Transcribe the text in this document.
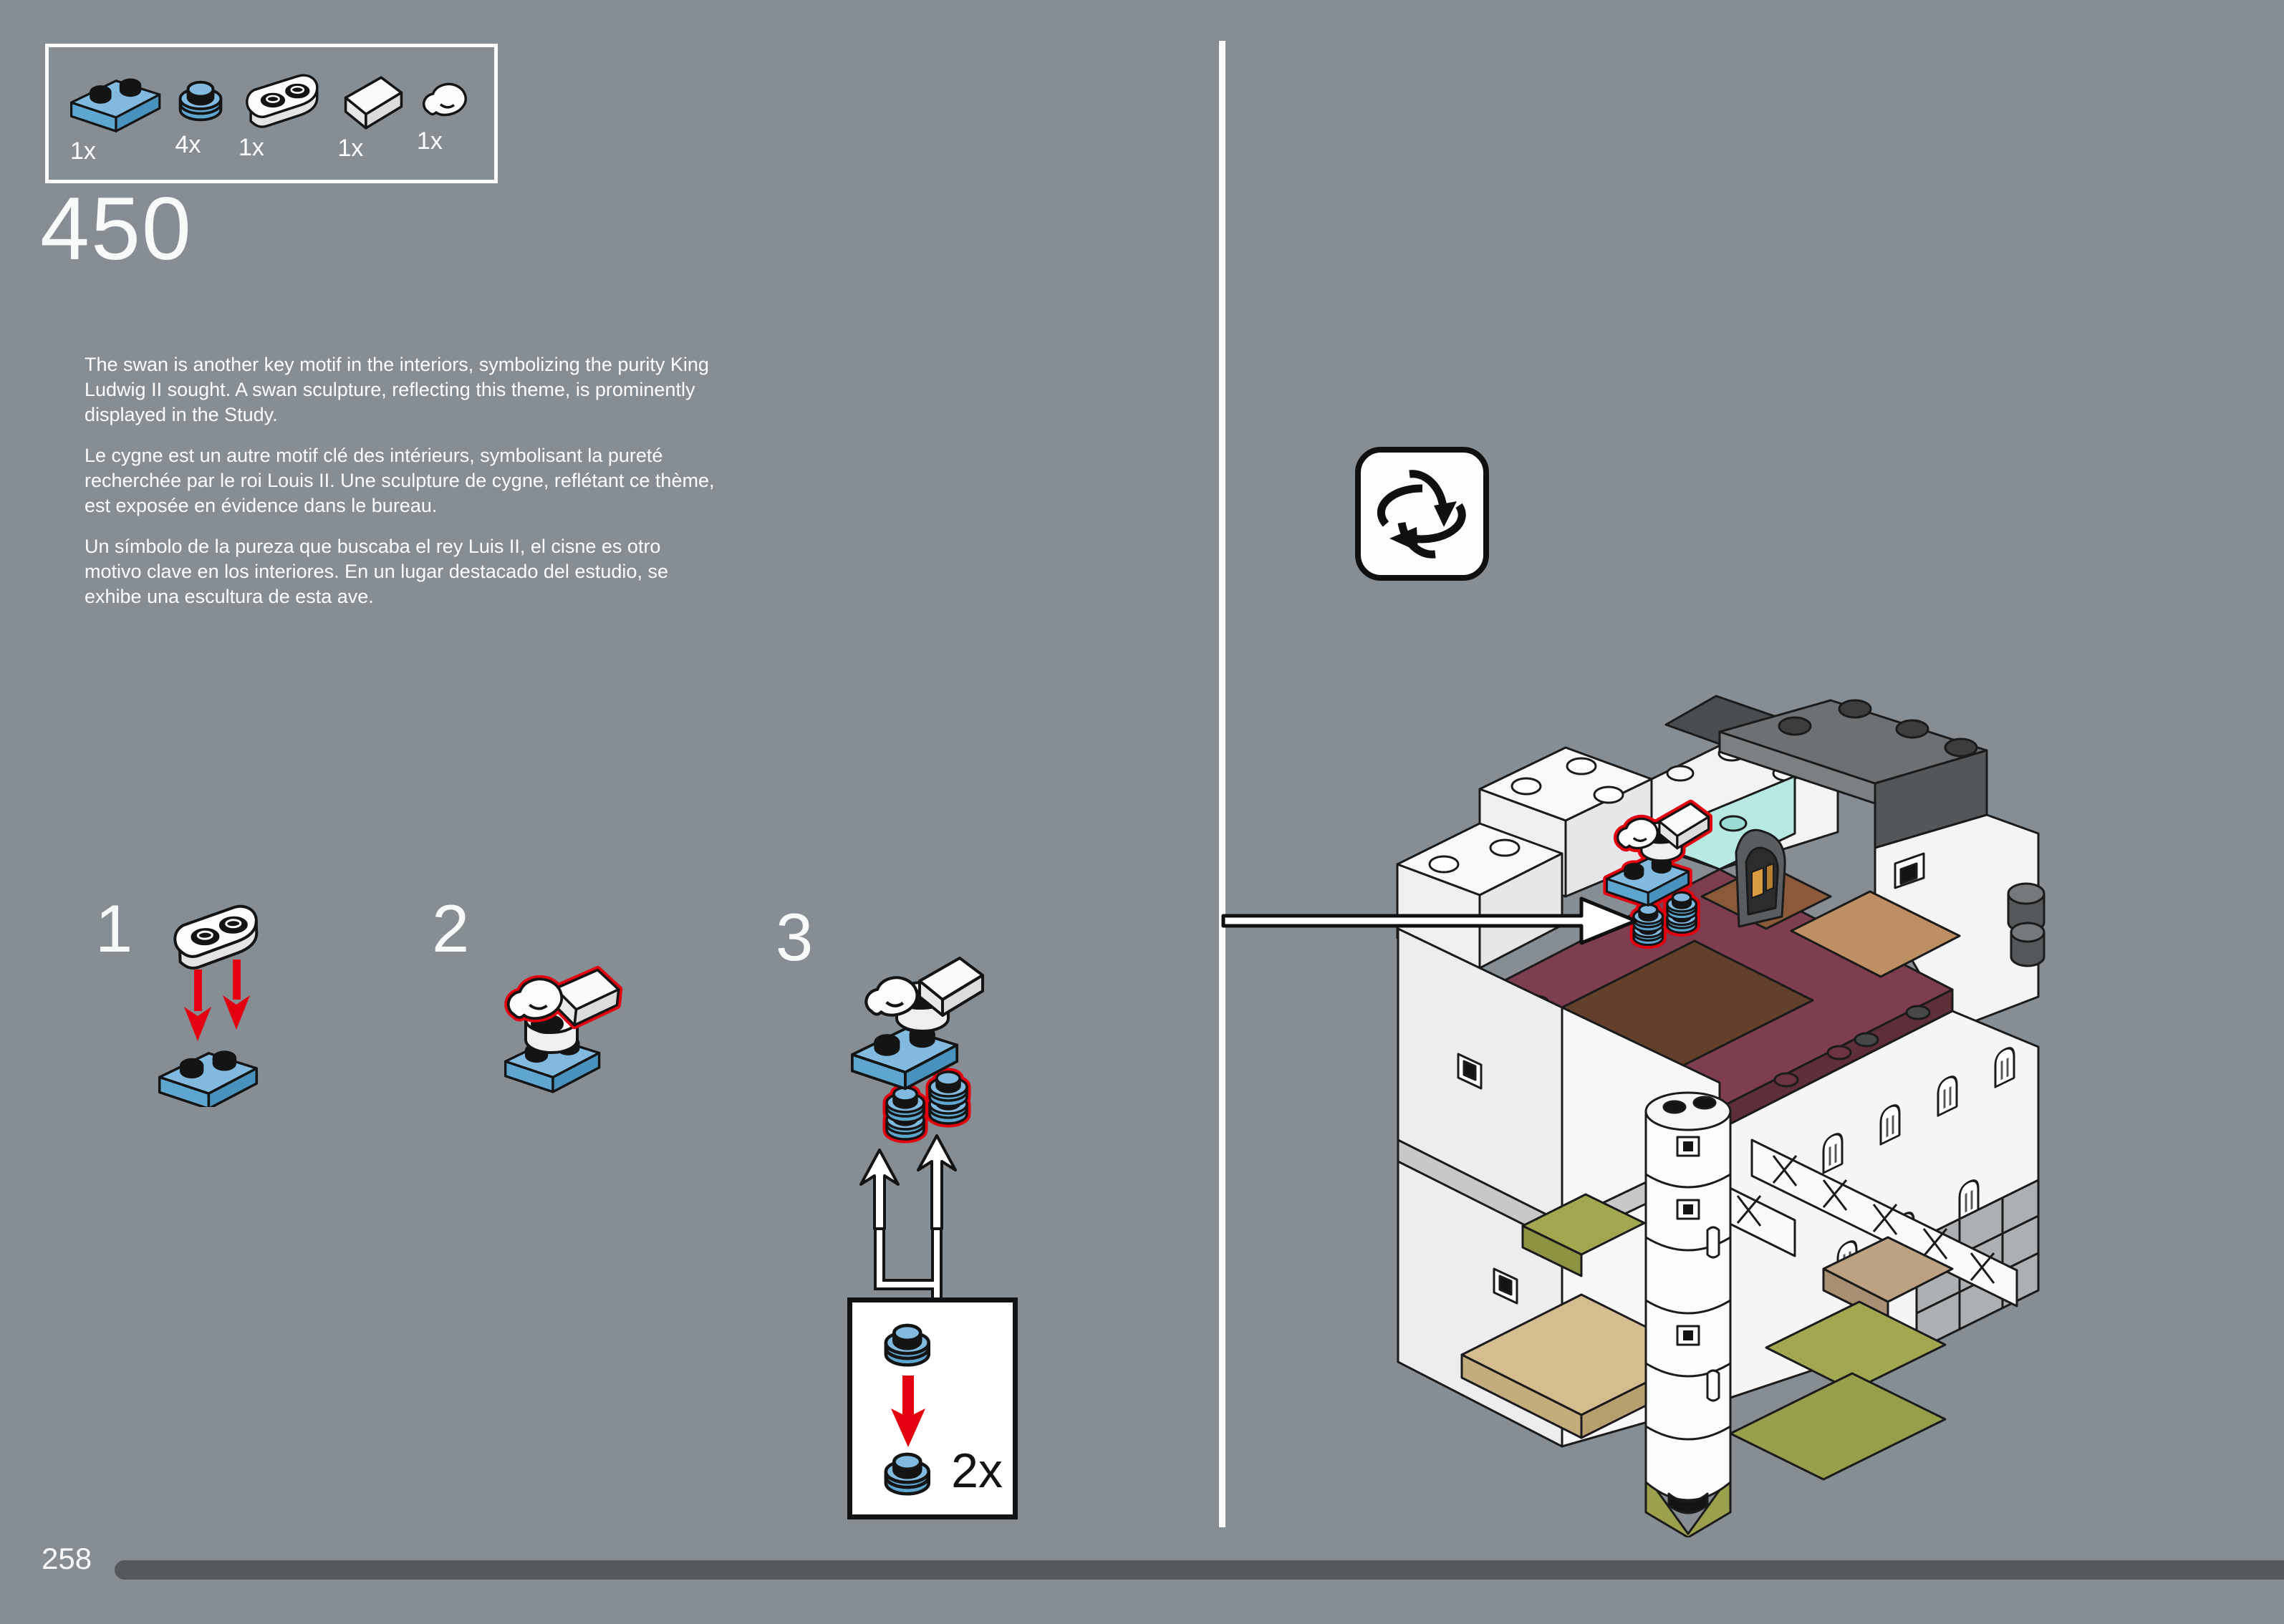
1x	4x 1x	1x 1x
450

The swan is another key motif in the interiors, symbolizing the purity King Ludwig II sought. A swan sculpture, reflecting this theme, is prominently displayed in the Study.

Le cygne est un autre motif clé des intérieurs, symbolisant la pureté recherchée par le roi Louis II. Une sculpture de cygne, reflétant ce thème, est exposée en évidence dans le bureau.

Un símbolo de la pureza que buscaba el rey Luis II, el cisne es otro motivo clave en los interiores. En un lugar destacado del estudio, se exhibe una escultura de esta ave.

1	2	3
2x
258
